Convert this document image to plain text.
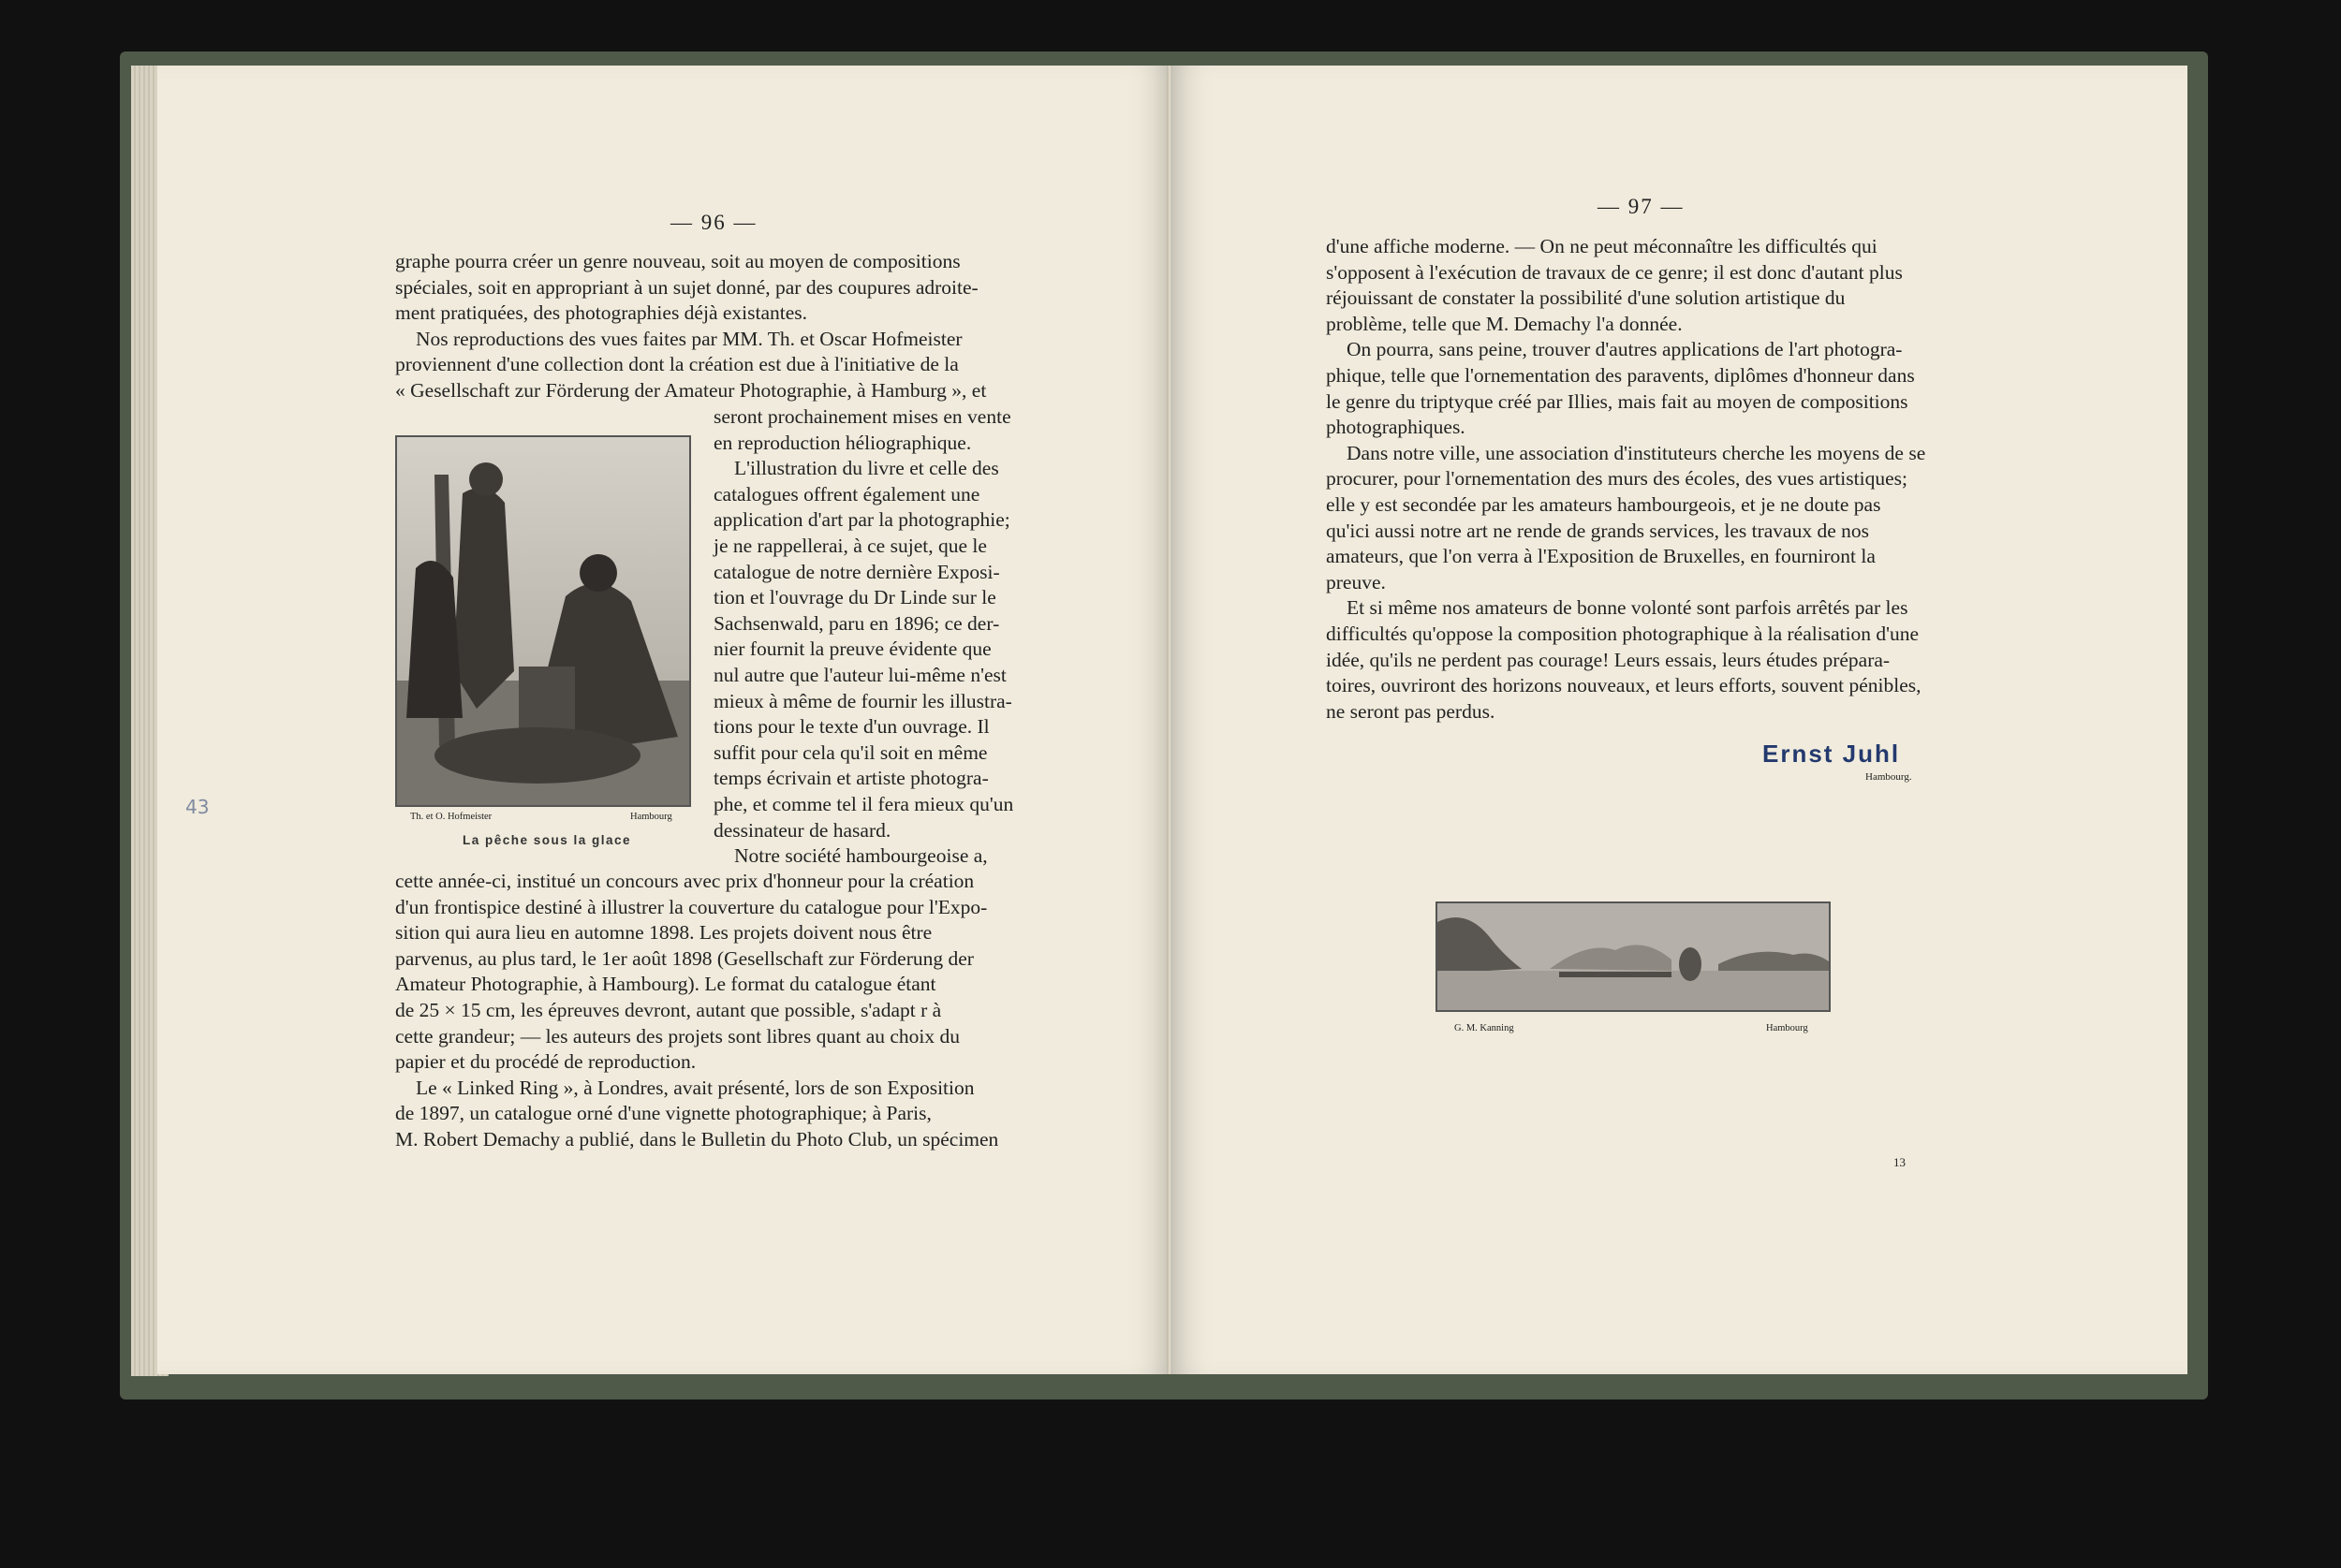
— 96 —
43

graphe pourra créer un genre nouveau, soit au moyen de compositions

spéciales, soit en appropriant à un sujet donné, par des coupures adroite-

ment pratiquées, des photographies déjà existantes.

Nos reproductions des vues faites par MM. Th. et Oscar Hofmeister

proviennent d'une collection dont la création est due à l'initiative de la

« Gesellschaft zur Förderung der Amateur Photographie, à Hamburg », et

seront prochainement mises en vente

en reproduction héliographique.

L'illustration du livre et celle des

catalogues offrent également une

application d'art par la photographie;

je ne rappellerai, à ce sujet, que le

catalogue de notre dernière Exposi-

tion et l'ouvrage du Dr Linde sur le

Sachsenwald, paru en 1896; ce der-

nier fournit la preuve évidente que

nul autre que l'auteur lui-même n'est

mieux à même de fournir les illustra-

tions pour le texte d'un ouvrage. Il

suffit pour cela qu'il soit en même

temps écrivain et artiste photogra-

phe, et comme tel il fera mieux qu'un

dessinateur de hasard.

Notre société hambourgeoise a,

Th. et O. Hofmeister	Hambourg
La pêche sous la glace

cette année-ci, institué un concours avec prix d'honneur pour la création

d'un frontispice destiné à illustrer la couverture du catalogue pour l'Expo-

sition qui aura lieu en automne 1898. Les projets doivent nous être

parvenus, au plus tard, le 1er août 1898 (Gesellschaft zur Förderung der

Amateur Photographie, à Hambourg). Le format du catalogue étant

de 25 × 15 cm, les épreuves devront, autant que possible, s'adapt r à

cette grandeur; — les auteurs des projets sont libres quant au choix du

papier et du procédé de reproduction.

Le « Linked Ring », à Londres, avait présenté, lors de son Exposition

de 1897, un catalogue orné d'une vignette photographique; à Paris,

M. Robert Demachy a publié, dans le Bulletin du Photo Club, un spécimen

— 97 —

d'une affiche moderne. — On ne peut méconnaître les difficultés qui

s'opposent à l'exécution de travaux de ce genre; il est donc d'autant plus

réjouissant de constater la possibilité d'une solution artistique du

problème, telle que M. Demachy l'a donnée.

On pourra, sans peine, trouver d'autres applications de l'art photogra-

phique, telle que l'ornementation des paravents, diplômes d'honneur dans

le genre du triptyque créé par Illies, mais fait au moyen de compositions

photographiques.

Dans notre ville, une association d'instituteurs cherche les moyens de se

procurer, pour l'ornementation des murs des écoles, des vues artistiques;

elle y est secondée par les amateurs hambourgeois, et je ne doute pas

qu'ici aussi notre art ne rende de grands services, les travaux de nos

amateurs, que l'on verra à l'Exposition de Bruxelles, en fourniront la

preuve.

Et si même nos amateurs de bonne volonté sont parfois arrêtés par les

difficultés qu'oppose la composition photographique à la réalisation d'une

idée, qu'ils ne perdent pas courage! Leurs essais, leurs études prépara-

toires, ouvriront des horizons nouveaux, et leurs efforts, souvent pénibles,

ne seront pas perdus.

Ernst Juhl
Hambourg.
G. M. Kanning	Hambourg
13
